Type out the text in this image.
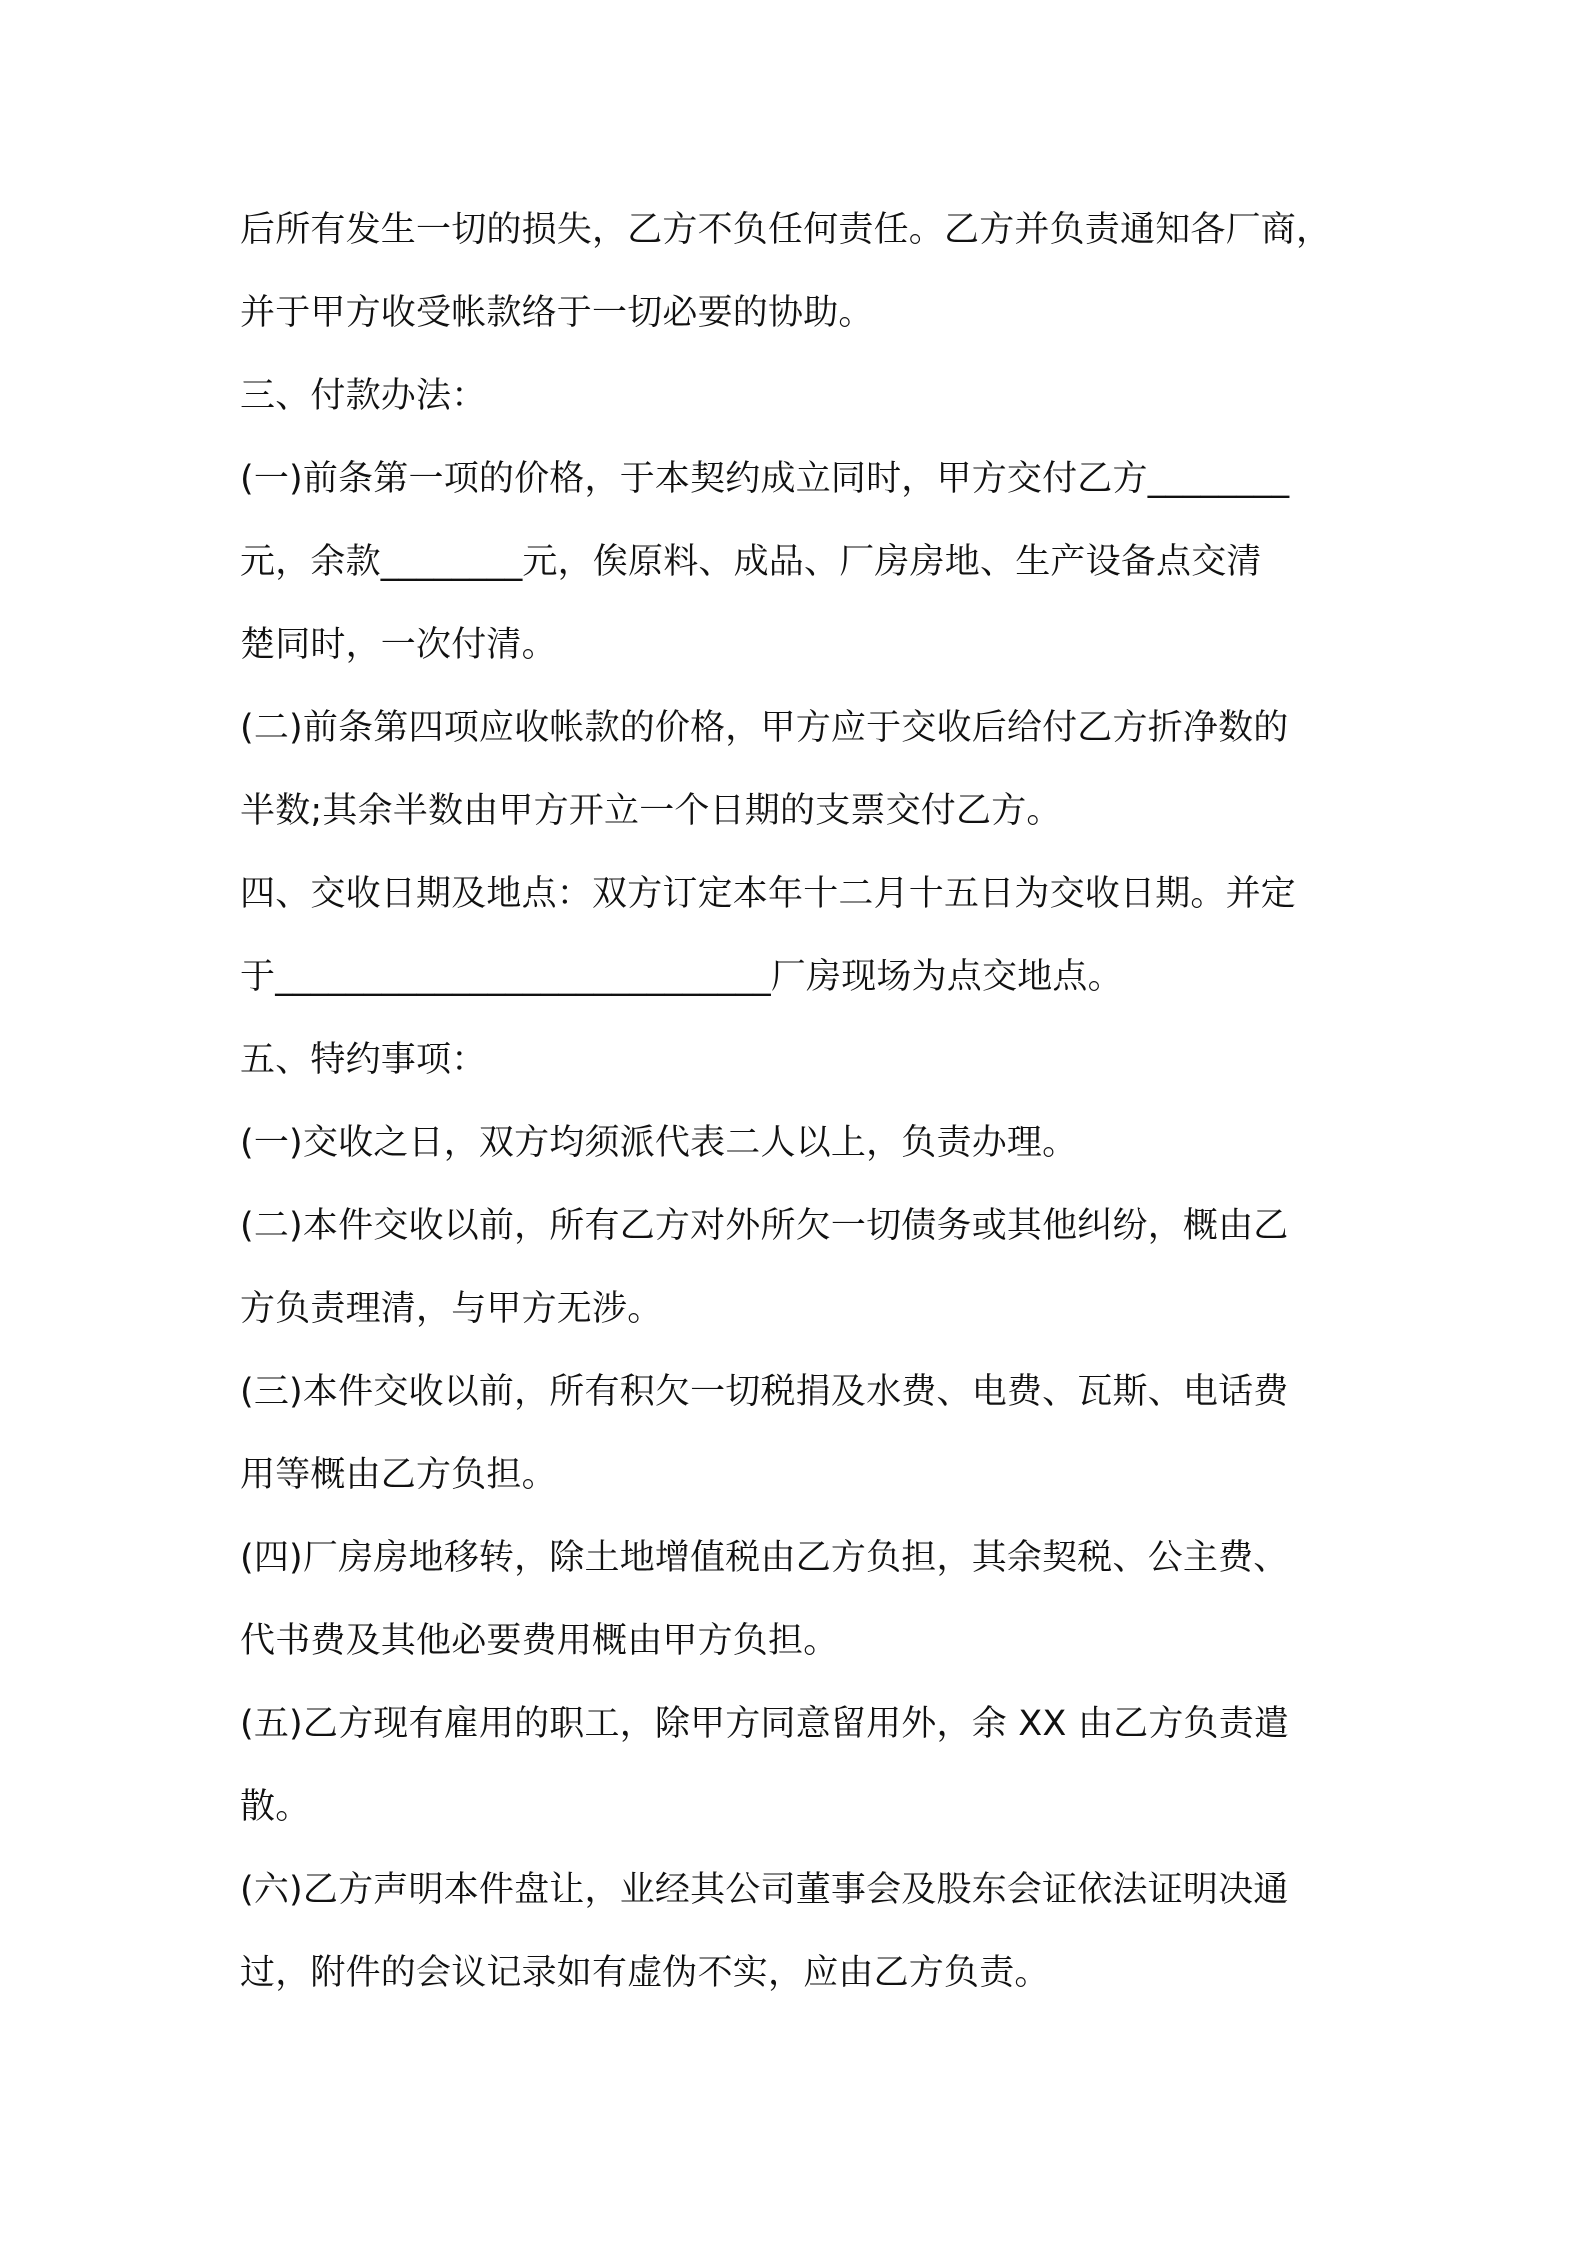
后所有发生一切的损失，乙方不负任何责任。乙方并负责通知各厂商，
并于甲方收受帐款络于一切必要的协助。
三、付款办法：
(一)前条第一项的价格，于本契约成立同时，甲方交付乙方________
元，余款________元，俟原料、成品、厂房房地、生产设备点交清
楚同时，一次付清。
(二)前条第四项应收帐款的价格，甲方应于交收后给付乙方折净数的
半数;其余半数由甲方开立一个日期的支票交付乙方。
四、交收日期及地点：双方订定本年十二月十五日为交收日期。并定
于____________________________厂房现场为点交地点。
五、特约事项：
(一)交收之日，双方均须派代表二人以上，负责办理。
(二)本件交收以前，所有乙方对外所欠一切债务或其他纠纷，概由乙
方负责理清，与甲方无涉。
(三)本件交收以前，所有积欠一切税捐及水费、电费、瓦斯、电话费
用等概由乙方负担。
(四)厂房房地移转，除土地增值税由乙方负担，其余契税、公主费、
代书费及其他必要费用概由甲方负担。
(五)乙方现有雇用的职工，除甲方同意留用外，余 XX 由乙方负责遣
散。
(六)乙方声明本件盘让，业经其公司董事会及股东会证依法证明决通
过，附件的会议记录如有虚伪不实，应由乙方负责。
